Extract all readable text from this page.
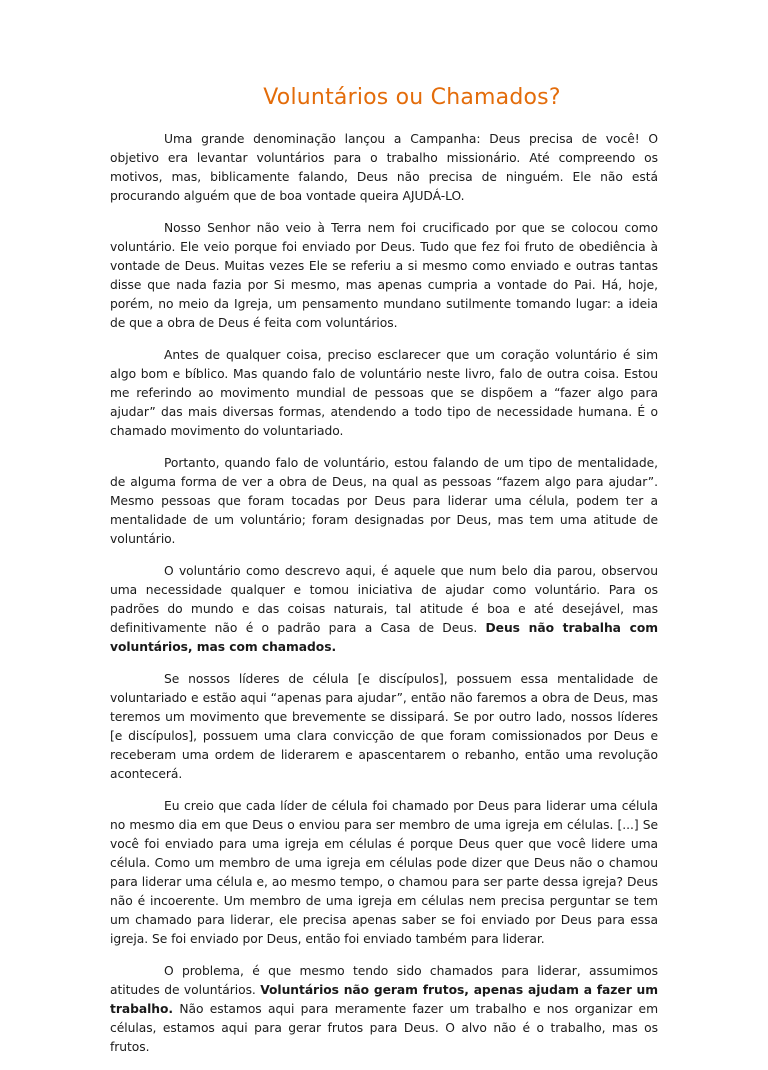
Voluntários ou Chamados?

Uma grande denominação lançou a Campanha: Deus precisa de você! O objetivo era levantar voluntários para o trabalho missionário. Até compreendo os motivos, mas, biblicamente falando, Deus não precisa de ninguém. Ele não está procurando alguém que de boa vontade queira AJUDÁ-LO.

Nosso Senhor não veio à Terra nem foi crucificado por que se colocou como voluntário. Ele veio porque foi enviado por Deus. Tudo que fez foi fruto de obediência à vontade de Deus. Muitas vezes Ele se referiu a si mesmo como enviado e outras tantas disse que nada fazia por Si mesmo, mas apenas cumpria a vontade do Pai. Há, hoje, porém, no meio da Igreja, um pensamento mundano sutilmente tomando lugar: a ideia de que a obra de Deus é feita com voluntários.

Antes de qualquer coisa, preciso esclarecer que um coração voluntário é sim algo bom e bíblico. Mas quando falo de voluntário neste livro, falo de outra coisa. Estou me referindo ao movimento mundial de pessoas que se dispõem a “fazer algo para ajudar” das mais diversas formas, atendendo a todo tipo de necessidade humana. É o chamado movimento do voluntariado.

Portanto, quando falo de voluntário, estou falando de um tipo de mentalidade, de alguma forma de ver a obra de Deus, na qual as pessoas “fazem algo para ajudar”. Mesmo pessoas que foram tocadas por Deus para liderar uma célula, podem ter a mentalidade de um voluntário; foram designadas por Deus, mas tem uma atitude de voluntário.

O voluntário como descrevo aqui, é aquele que num belo dia parou, observou uma necessidade qualquer e tomou iniciativa de ajudar como voluntário. Para os padrões do mundo e das coisas naturais, tal atitude é boa e até desejável, mas definitivamente não é o padrão para a Casa de Deus. Deus não trabalha com voluntários, mas com chamados.

Se nossos líderes de célula [e discípulos], possuem essa mentalidade de voluntariado e estão aqui “apenas para ajudar”, então não faremos a obra de Deus, mas teremos um movimento que brevemente se dissipará. Se por outro lado, nossos líderes [e discípulos], possuem uma clara convicção de que foram comissionados por Deus e receberam uma ordem de liderarem e apascentarem o rebanho, então uma revolução acontecerá.

Eu creio que cada líder de célula foi chamado por Deus para liderar uma célula no mesmo dia em que Deus o enviou para ser membro de uma igreja em células. [...] Se você foi enviado para uma igreja em células é porque Deus quer que você lidere uma célula. Como um membro de uma igreja em células pode dizer que Deus não o chamou para liderar uma célula e, ao mesmo tempo, o chamou para ser parte dessa igreja? Deus não é incoerente. Um membro de uma igreja em células nem precisa perguntar se tem um chamado para liderar, ele precisa apenas saber se foi enviado por Deus para essa igreja. Se foi enviado por Deus, então foi enviado também para liderar.

O problema, é que mesmo tendo sido chamados para liderar, assumimos atitudes de voluntários. Voluntários não geram frutos, apenas ajudam a fazer um trabalho. Não estamos aqui para meramente fazer um trabalho e nos organizar em células, estamos aqui para gerar frutos para Deus. O alvo não é o trabalho, mas os frutos.
